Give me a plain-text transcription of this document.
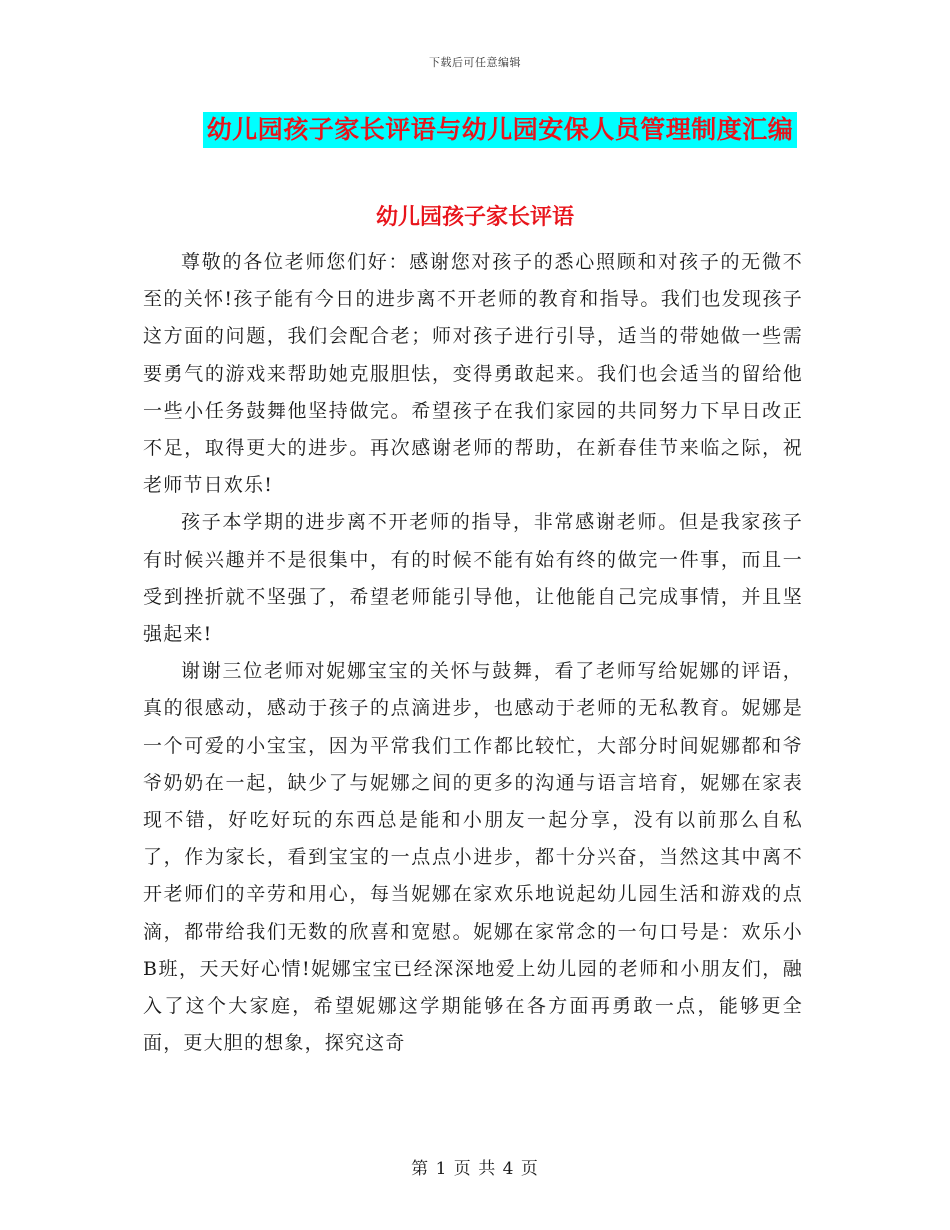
下载后可任意编辑
幼儿园孩子家长评语与幼儿园安保人员管理制度汇编
幼儿园孩子家长评语

尊敬的各位老师您们好：感谢您对孩子的悉心照顾和对孩子的无微不至的关怀!孩子能有今日的进步离不开老师的教育和指导。我们也发现孩子这方面的问题，我们会配合老；师对孩子进行引导，适当的带她做一些需要勇气的游戏来帮助她克服胆怯，变得勇敢起来。我们也会适当的留给他一些小任务鼓舞他坚持做完。希望孩子在我们家园的共同努力下早日改正不足，取得更大的进步。再次感谢老师的帮助，在新春佳节来临之际，祝老师节日欢乐!

孩子本学期的进步离不开老师的指导，非常感谢老师。但是我家孩子有时候兴趣并不是很集中，有的时候不能有始有终的做完一件事，而且一受到挫折就不坚强了，希望老师能引导他，让他能自己完成事情，并且坚强起来!

谢谢三位老师对妮娜宝宝的关怀与鼓舞，看了老师写给妮娜的评语，真的很感动，感动于孩子的点滴进步，也感动于老师的无私教育。妮娜是一个可爱的小宝宝，因为平常我们工作都比较忙，大部分时间妮娜都和爷爷奶奶在一起，缺少了与妮娜之间的更多的沟通与语言培育，妮娜在家表现不错，好吃好玩的东西总是能和小朋友一起分享，没有以前那么自私了，作为家长，看到宝宝的一点点小进步，都十分兴奋，当然这其中离不开老师们的辛劳和用心，每当妮娜在家欢乐地说起幼儿园生活和游戏的点滴，都带给我们无数的欣喜和宽慰。妮娜在家常念的一句口号是：欢乐小B班，天天好心情!妮娜宝宝已经深深地爱上幼儿园的老师和小朋友们，融入了这个大家庭，希望妮娜这学期能够在各方面再勇敢一点，能够更全面，更大胆的想象，探究这奇

第 1 页 共 4 页
